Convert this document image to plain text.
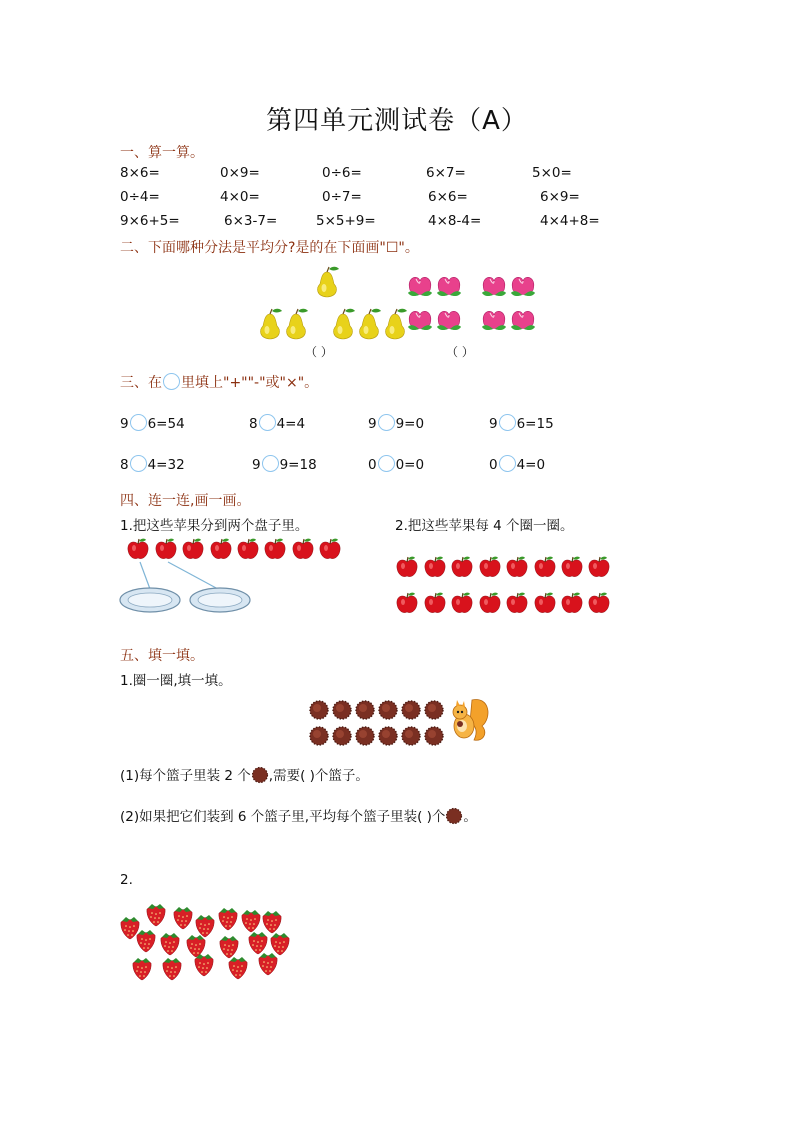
第四单元测试卷（A）
一、算一算。
8×6=	0×9=	0÷6=	6×7=	5×0=
0÷4=	4×0=	0÷7=	6×6=	6×9=
9×6+5=	6×3-7=	5×5+9=	4×8-4=	4×4+8=
二、下面哪种分法是平均分?是的在下面画"☐"。
（ ）	（ ）
三、在 里填上"+""-"或"×"。
9 6=54	8 4=4	9 9=0	9 6=15
8 4=32	9 9=18	0 0=0	0 4=0
四、连一连,画一画。
1.把这些苹果分到两个盘子里。	2.把这些苹果每 4 个圈一圈。
五、填一填。
1.圈一圈,填一填。
(1)每个篮子里装 2 个 ,需要( )个篮子。
(2)如果把它们装到 6 个篮子里,平均每个篮子里装( )个 。
2.
